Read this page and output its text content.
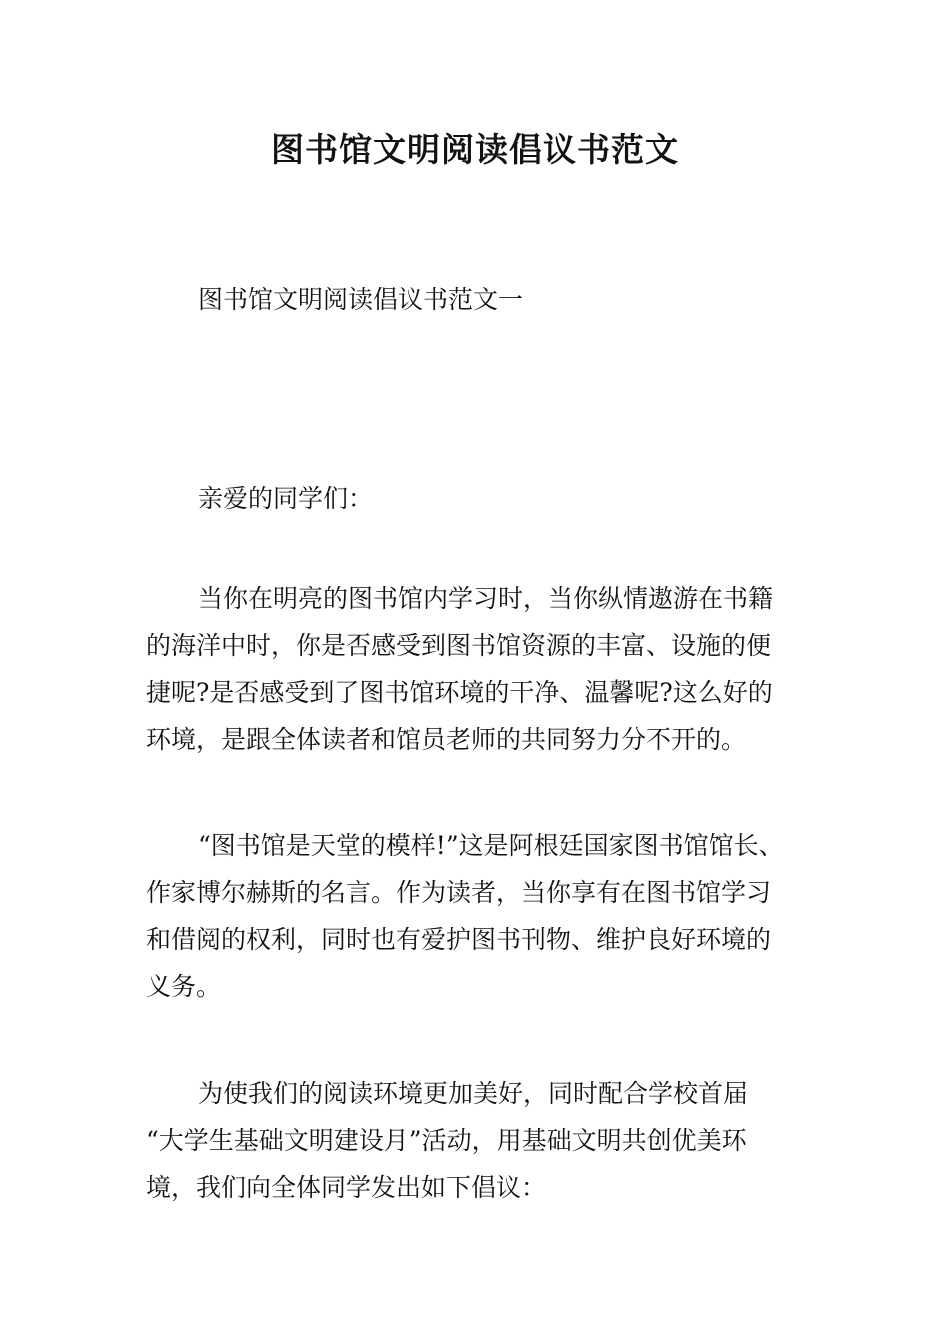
图书馆文明阅读倡议书范文
图书馆文明阅读倡议书范文一
亲爱的同学们：
当你在明亮的图书馆内学习时，当你纵情遨游在书籍
的海洋中时，你是否感受到图书馆资源的丰富、设施的便
捷呢?是否感受到了图书馆环境的干净、温馨呢?这么好的
环境，是跟全体读者和馆员老师的共同努力分不开的。
“图书馆是天堂的模样!”这是阿根廷国家图书馆馆长、
作家博尔赫斯的名言。作为读者，当你享有在图书馆学习
和借阅的权利，同时也有爱护图书刊物、维护良好环境的
义务。
为使我们的阅读环境更加美好，同时配合学校首届
“大学生基础文明建设月”活动，用基础文明共创优美环
境，我们向全体同学发出如下倡议：
